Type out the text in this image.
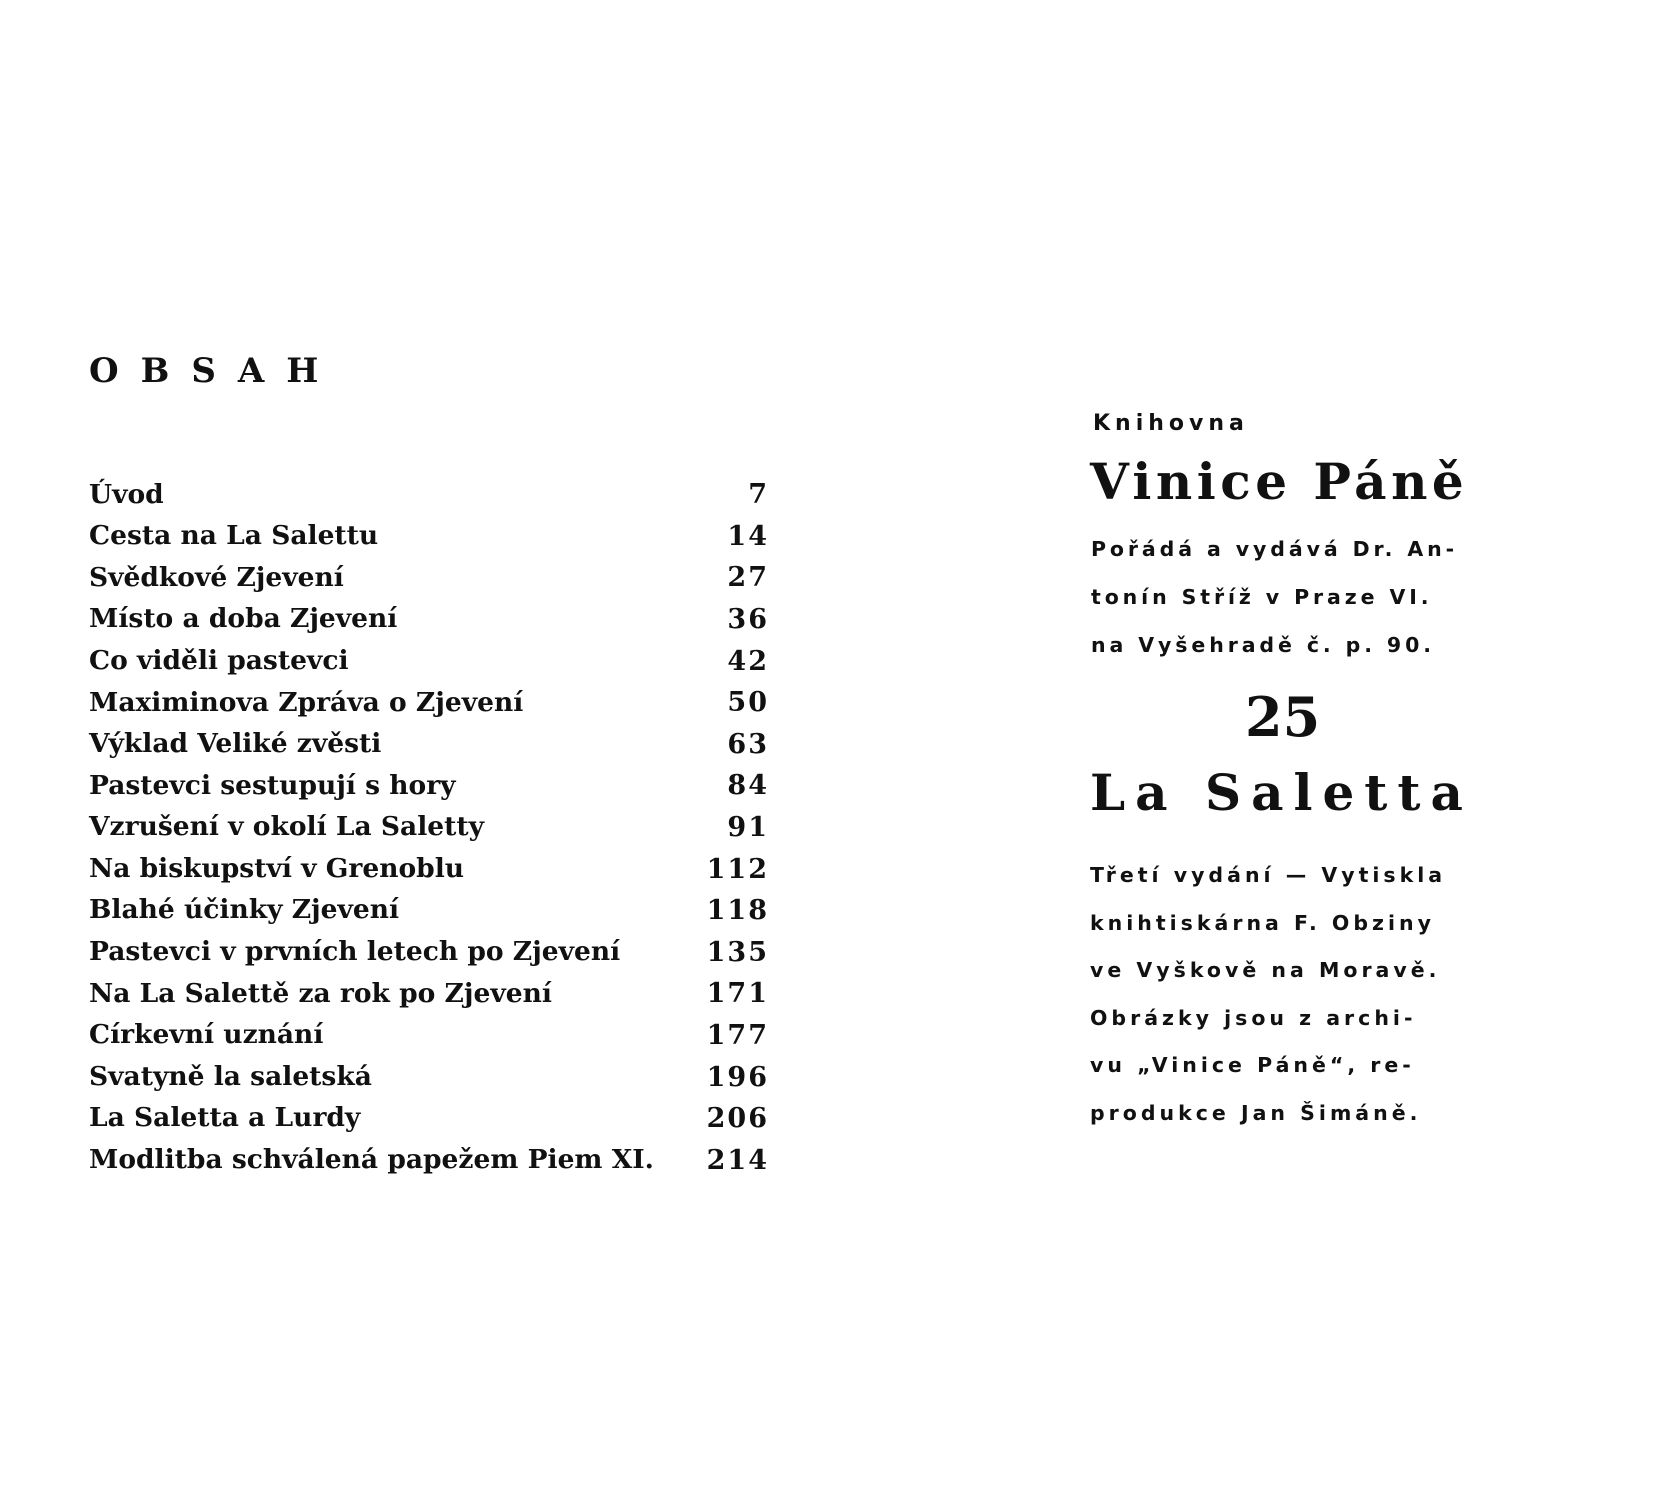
OBSAH
Úvod	7
Cesta na La Salettu	14
Svědkové Zjevení	27
Místo a doba Zjevení	36
Co viděli pastevci	42
Maximinova Zpráva o Zjevení	50
Výklad Veliké zvěsti	63
Pastevci sestupují s hory	84
Vzrušení v okolí La Saletty	91
Na biskupství v Grenoblu	112
Blahé účinky Zjevení	118
Pastevci v prvních letech po Zjevení	135
Na La Salettě za rok po Zjevení	171
Církevní uznání	177
Svatyně la saletská	196
La Saletta a Lurdy	206
Modlitba schválená papežem Piem XI.	214
Knihovna
Vinice Páně
Pořádá a vydává Dr. An-
tonín Stříž v Praze VI.
na Vyšehradě č. p. 90.
25
La Saletta
Třetí vydání — Vytiskla
knihtiskárna F. Obziny
ve Vyškově na Moravě.
Obrázky jsou z archi-
vu „Vinice Páně“, re-
produkce Jan Šimáně.
